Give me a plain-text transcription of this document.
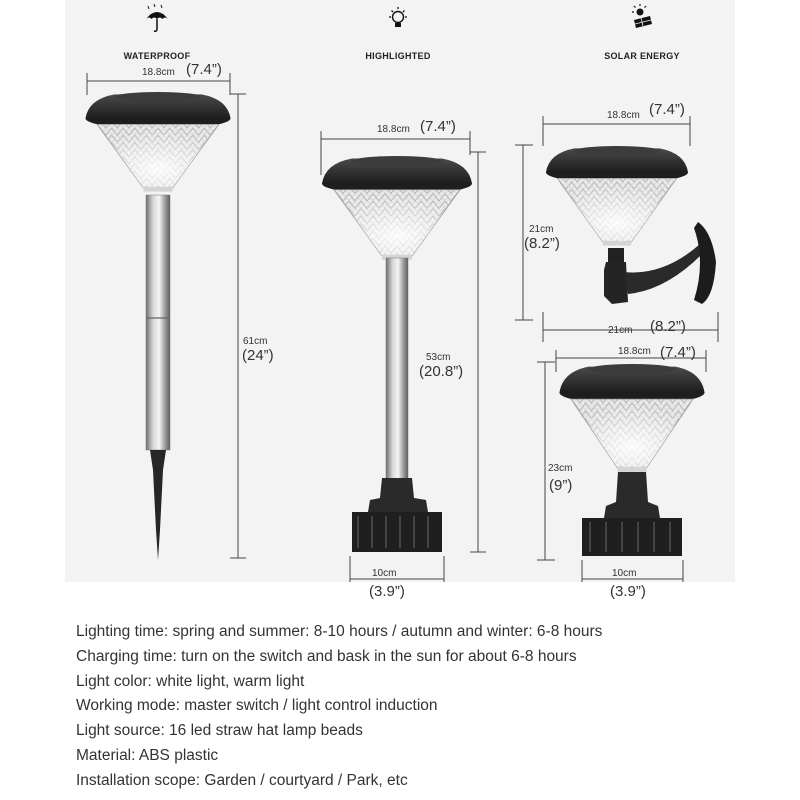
WATERPROOF	HIGHLIGHTED	SOLAR ENERGY
18.8cm (7.4”)
61cm
(24”)
18.8cm (7.4”)
53cm
(20.8”)
10cm
(3.9”)
18.8cm (7.4”)
21cm
(8.2”)
21cm (8.2”)
18.8cm (7.4”)
23cm
(9”)
10cm
(3.9”)
Lighting time: spring and summer: 8-10 hours / autumn and winter: 6-8 hours
Charging time: turn on the switch and bask in the sun for about 6-8 hours
Light color: white light, warm light
Working mode: master switch / light control induction
Light source: 16 led straw hat lamp beads
Material: ABS plastic
Installation scope: Garden / courtyard / Park, etc
